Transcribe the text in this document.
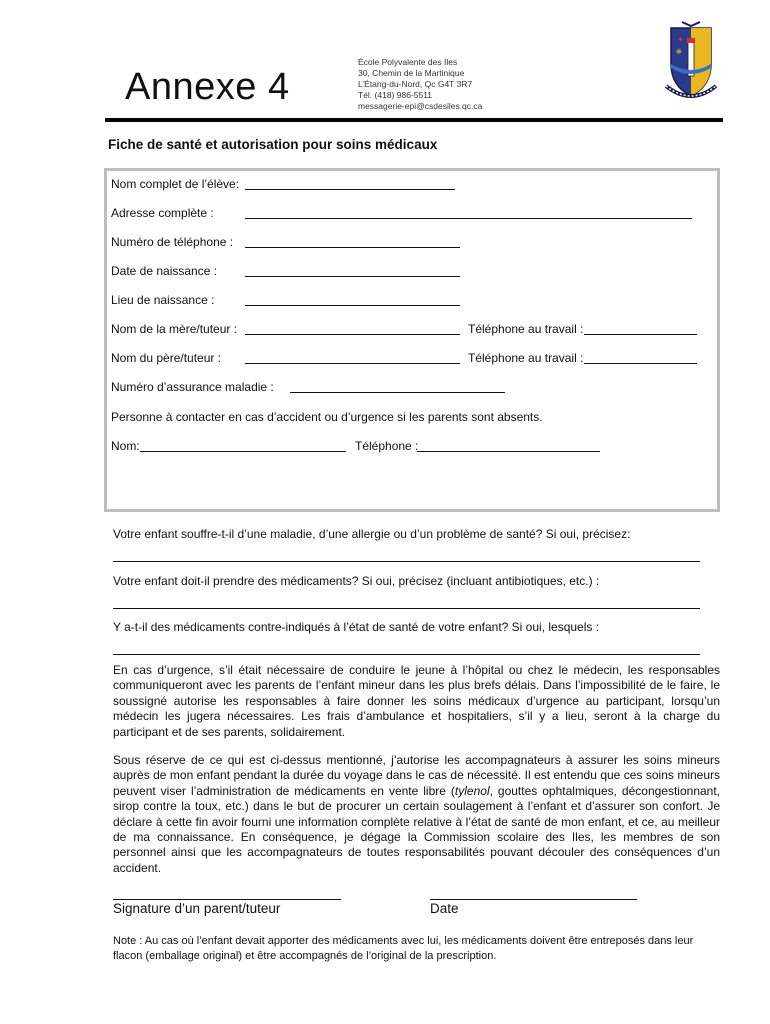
Annexe 4
École Polyvalente des Iles
30, Chemin de la Martinique
L’Étang-du-Nord, Qc G4T 3R7
Tél. (418) 986-5511
messagerie-epi@csdesiles.qc.ca
✦
❋
Fiche de santé et autorisation pour soins médicaux
Nom complet de l’élève:
Adresse complète :
Numéro de téléphone :
Date de naissance :
Lieu de naissance :
Nom de la mère/tuteur :	Téléphone au travail :
Nom du père/tuteur :	Téléphone au travail :
Numéro d’assurance maladie :
Personne à contacter en cas d’accident ou d’urgence si les parents sont absents.
Nom:	Téléphone :
Votre enfant souffre-t-il d’une maladie, d’une allergie ou d’un problème de santé? Si oui, précisez:
Votre enfant doit-il prendre des médicaments? Si oui, précisez (incluant antibiotiques, etc.) :
Y a-t-il des médicaments contre-indiqués à l’état de santé de votre enfant? Si oui, lesquels :
En cas d’urgence, s’il était nécessaire de conduire le jeune à l’hôpital ou chez le médecin, les responsables communiqueront avec les parents de l’enfant mineur dans les plus brefs délais. Dans l’impossibilité de le faire, le soussigné autorise les responsables à faire donner les soins médicaux d’urgence au participant, lorsqu’un médecin les jugera nécessaires. Les frais d’ambulance et hospitaliers, s’il y a lieu, seront à la charge du participant et de ses parents, solidairement.
Sous réserve de ce qui est ci-dessus mentionné, j’autorise les accompagnateurs à assurer les soins mineurs auprès de mon enfant pendant la durée du voyage dans le cas de nécessité. Il est entendu que ces soins mineurs peuvent viser l’administration de médicaments en vente libre (tylenol, gouttes ophtalmiques, décongestionnant, sirop contre la toux, etc.) dans le but de procurer un certain soulagement à l’enfant et d’assurer son confort. Je déclare à cette fin avoir fourni une information complète relative à l’état de santé de mon enfant, et ce, au meilleur de ma connaissance. En conséquence, je dégage la Commission scolaire des Iles, les membres de son personnel ainsi que les accompagnateurs de toutes responsabilités pouvant découler des conséquences d’un accident.
Signature d’un parent/tuteur	Date
Note : Au cas où l’enfant devait apporter des médicaments avec lui, les médicaments doivent être entreposés dans leur flacon (emballage original) et être accompagnés de l’original de la prescription.
